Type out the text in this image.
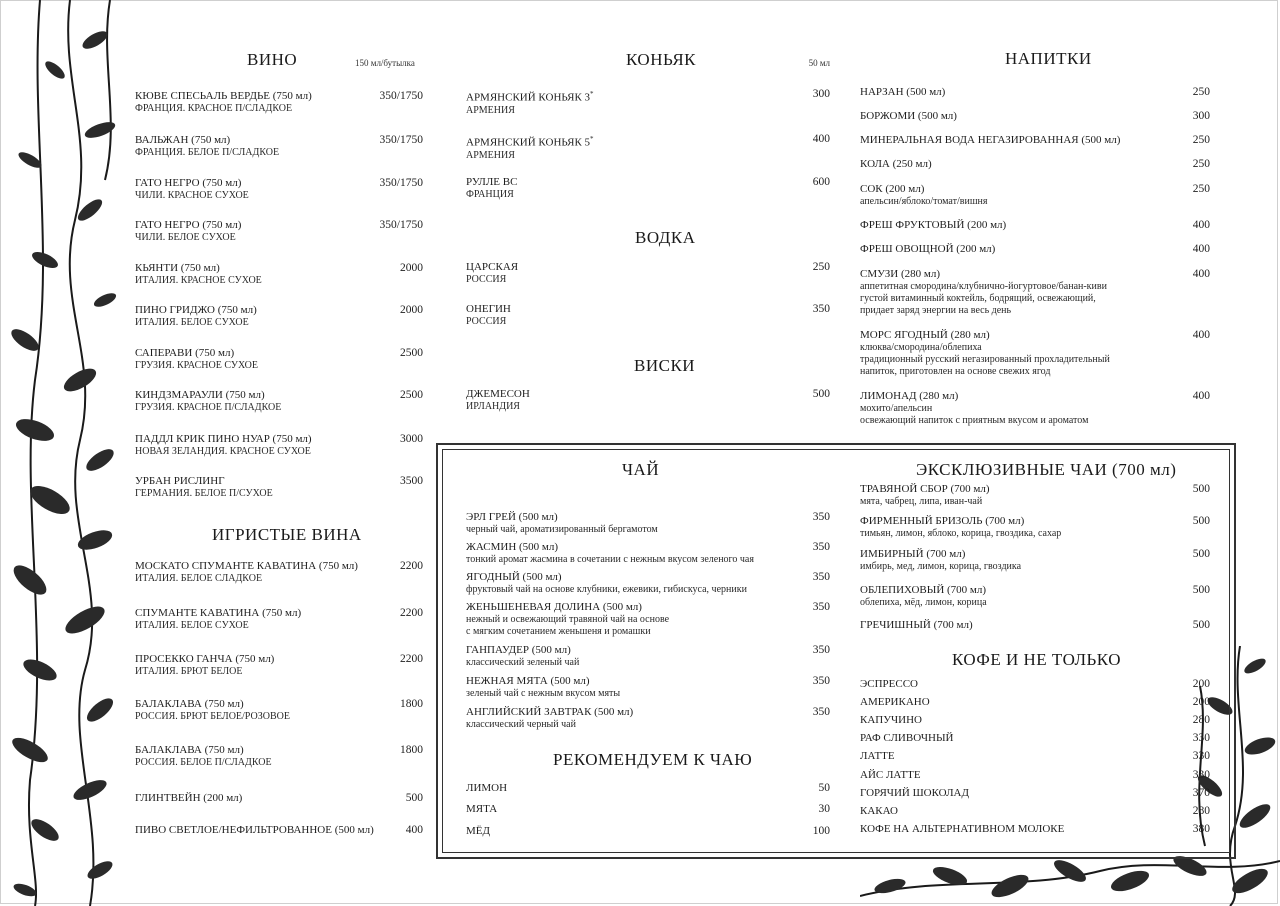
ВИНО	150 мл/бутылка
КЮВЕ СПЕСЬАЛЬ ВЕРДЬЕ (750 мл)
ФРАНЦИЯ. КРАСНОЕ П/СЛАДКОЕ
350/1750
ВАЛЬЖАН (750 мл)
ФРАНЦИЯ. БЕЛОЕ П/СЛАДКОЕ
350/1750
ГАТО НЕГРО (750 мл)
ЧИЛИ. КРАСНОЕ СУХОЕ
350/1750
ГАТО НЕГРО (750 мл)
ЧИЛИ. БЕЛОЕ СУХОЕ
350/1750
КЬЯНТИ (750 мл)
ИТАЛИЯ. КРАСНОЕ СУХОЕ
2000
ПИНО ГРИДЖО (750 мл)
ИТАЛИЯ. БЕЛОЕ СУХОЕ
2000
САПЕРАВИ (750 мл)
ГРУЗИЯ. КРАСНОЕ СУХОЕ
2500
КИНДЗМАРАУЛИ (750 мл)
ГРУЗИЯ. КРАСНОЕ П/СЛАДКОЕ
2500
ПАДДЛ КРИК ПИНО НУАР (750 мл)
НОВАЯ ЗЕЛАНДИЯ. КРАСНОЕ СУХОЕ
3000
УРБАН РИСЛИНГ
ГЕРМАНИЯ. БЕЛОЕ П/СУХОЕ
3500
ИГРИСТЫЕ ВИНА
МОСКАТО СПУМАНТЕ КАВАТИНА (750 мл)
ИТАЛИЯ. БЕЛОЕ СЛАДКОЕ
2200
СПУМАНТЕ КАВАТИНА (750 мл)
ИТАЛИЯ. БЕЛОЕ СУХОЕ
2200
ПРОСЕККО ГАНЧА (750 мл)
ИТАЛИЯ. БРЮТ БЕЛОЕ
2200
БАЛАКЛАВА (750 мл)
РОССИЯ. БРЮТ БЕЛОЕ/РОЗОВОЕ
1800
БАЛАКЛАВА (750 мл)
РОССИЯ. БЕЛОЕ П/СЛАДКОЕ
1800
ГЛИНТВЕЙН (200 мл)	500
ПИВО СВЕТЛОЕ/НЕФИЛЬТРОВАННОЕ (500 мл)	400
КОНЬЯК	50 мл
АРМЯНСКИЙ КОНЬЯК 3*
АРМЕНИЯ
300
АРМЯНСКИЙ КОНЬЯК 5*
АРМЕНИЯ
400
РУЛЛЕ ВС
ФРАНЦИЯ
600
ВОДКА
ЦАРСКАЯ
РОССИЯ
250
ОНЕГИН
РОССИЯ
350
ВИСКИ
ДЖЕМЕСОН
ИРЛАНДИЯ
500
НАПИТКИ
НАРЗАН (500 мл)	250
БОРЖОМИ (500 мл)	300
МИНЕРАЛЬНАЯ ВОДА НЕГАЗИРОВАННАЯ (500 мл)	250
КОЛА (250 мл)	250
СОК (200 мл)
апельсин/яблоко/томат/вишня
250
ФРЕШ ФРУКТОВЫЙ (200 мл)	400
ФРЕШ ОВОЩНОЙ (200 мл)	400
СМУЗИ (280 мл)
аппетитная смородина/клубнично-йогуртовое/банан-киви
густой витаминный коктейль, бодрящий, освежающий,
придает заряд энергии на весь день
400
МОРС ЯГОДНЫЙ (280 мл)
клюква/смородина/облепиха
традиционный русский негазированный прохладительный
напиток, приготовлен на основе свежих ягод
400
ЛИМОНАД (280 мл)
мохито/апельсин
освежающий напиток с приятным вкусом и ароматом
400
ЧАЙ
ЭРЛ ГРЕЙ (500 мл)
черный чай, ароматизированный бергамотом
350
ЖАСМИН (500 мл)
тонкий аромат жасмина в сочетании с нежным вкусом зеленого чая
350
ЯГОДНЫЙ (500 мл)
фруктовый чай на основе клубники, ежевики, гибискуса, черники
350
ЖЕНЬШЕНЕВАЯ ДОЛИНА (500 мл)
нежный и освежающий травяной чай на основе
с мягким сочетанием женьшеня и ромашки
350
ГАНПАУДЕР (500 мл)
классический зеленый чай
350
НЕЖНАЯ МЯТА (500 мл)
зеленый чай с нежным вкусом мяты
350
АНГЛИЙСКИЙ ЗАВТРАК (500 мл)
классический черный чай
350
РЕКОМЕНДУЕМ К ЧАЮ
ЛИМОН	50
МЯТА	30
МЁД	100
ЭКСКЛЮЗИВНЫЕ ЧАИ (700 мл)
ТРАВЯНОЙ СБОР (700 мл)
мята, чабрец, липа, иван-чай
500
ФИРМЕННЫЙ БРИЗОЛЬ (700 мл)
тимьян, лимон, яблоко, корица, гвоздика, сахар
500
ИМБИРНЫЙ (700 мл)
имбирь, мед, лимон, корица, гвоздика
500
ОБЛЕПИХОВЫЙ (700 мл)
облепиха, мёд, лимон, корица
500
ГРЕЧИШНЫЙ (700 мл)	500
КОФЕ И НЕ ТОЛЬКО
ЭСПРЕССО	200
АМЕРИКАНО	200
КАПУЧИНО	280
РАФ СЛИВОЧНЫЙ	330
ЛАТТЕ	330
АЙС ЛАТТЕ	330
ГОРЯЧИЙ ШОКОЛАД	370
КАКАО	280
КОФЕ НА АЛЬТЕРНАТИВНОМ МОЛОКЕ	380
